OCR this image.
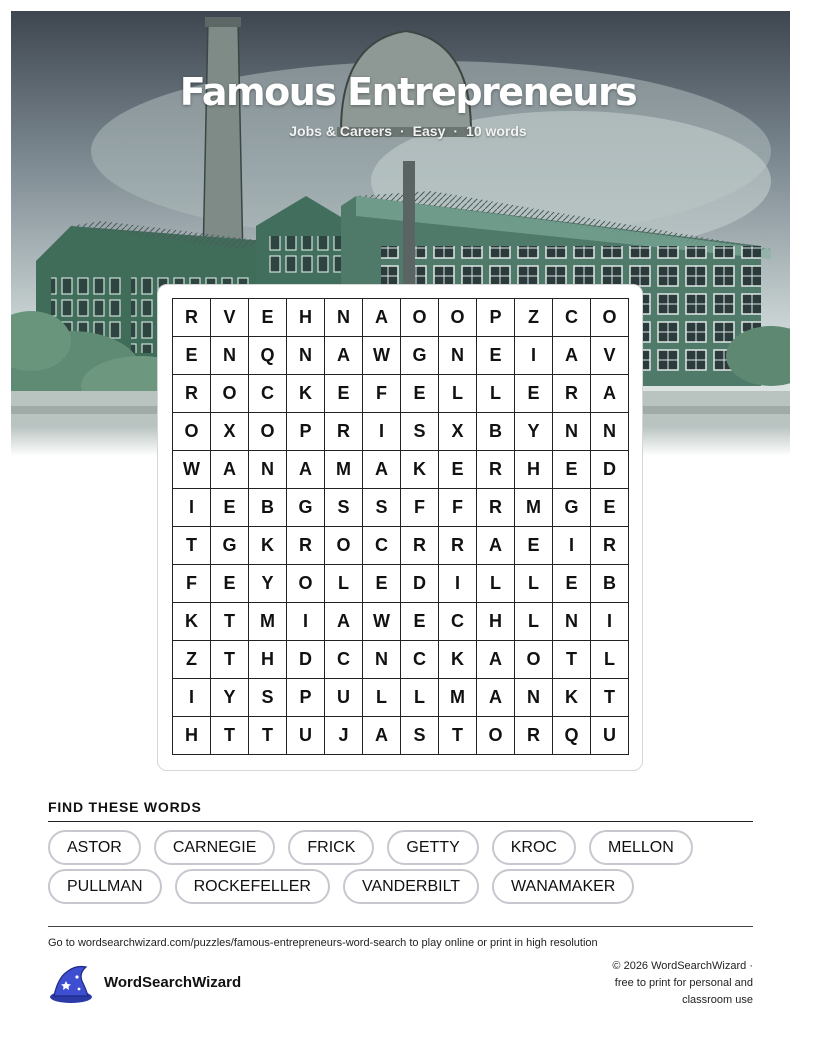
Famous Entrepreneurs
Jobs & Careers · Easy · 10 words
R	V	E	H	N	A	O	O	P	Z	C	O
E	N	Q	N	A	W	G	N	E	I	A	V
R	O	C	K	E	F	E	L	L	E	R	A
O	X	O	P	R	I	S	X	B	Y	N	N
W	A	N	A	M	A	K	E	R	H	E	D
I	E	B	G	S	S	F	F	R	M	G	E
T	G	K	R	O	C	R	R	A	E	I	R
F	E	Y	O	L	E	D	I	L	L	E	B
K	T	M	I	A	W	E	C	H	L	N	I
Z	T	H	D	C	N	C	K	A	O	T	L
I	Y	S	P	U	L	L	M	A	N	K	T
H	T	T	U	J	A	S	T	O	R	Q	U
FIND THESE WORDS
ASTOR	CARNEGIE	FRICK	GETTY	KROC	MELLON
PULLMAN	ROCKEFELLER	VANDERBILT	WANAMAKER
Go to wordsearchwizard.com/puzzles/famous-entrepreneurs-word-search to play online or print in high resolution
WordSearchWizard
© 2026 WordSearchWizard ·
free to print for personal and
classroom use
